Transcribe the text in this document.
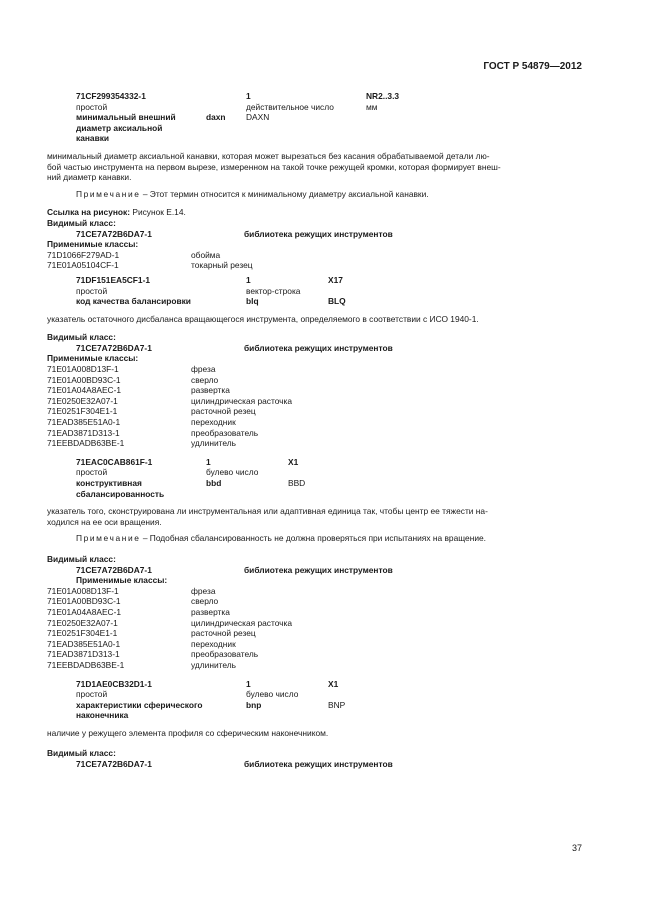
ГОСТ Р 54879—2012
71CF299354332-1	1	NR2..3.3
простой	действительное число	мм
минимальный внешний	daxn	DAXN
диаметр аксиальной
канавки
минимальный диаметр аксиальной канавки, которая может вырезаться без касания обрабатываемой детали лю-
бой частью инструмента на первом вырезе, измеренном на такой точке режущей кромки, которая формирует внеш-
ний диаметр канавки.
Примечание – Этот термин относится к минимальному диаметру аксиальной канавки.
Ссылка на рисунок: Рисунок Е.14.
Видимый класс:
71CE7A72B6DA7-1	библиотека режущих инструментов
Применимые классы:
71D1066F279AD-1	обойма
71E01A05104CF-1	токарный резец
71DF151EA5CF1-1	1	X17
простой	вектор-строка
код качества балансировки	blq	BLQ
указатель остаточного дисбаланса вращающегося инструмента, определяемого в соответствии с ИСО 1940-1.
Видимый класс:
71CE7A72B6DA7-1	библиотека режущих инструментов
Применимые классы:
71E01A008D13F-1	фреза
71E01A00BD93C-1	сверло
71E01A04A8AEC-1	развертка
71E0250E32A07-1	цилиндрическая расточка
71E0251F304E1-1	расточной резец
71EAD385E51A0-1	переходник
71EAD3871D313-1	преобразователь
71EEBDADB63BE-1	удлинитель
71EAC0CAB861F-1	1	X1
простой	булево число
конструктивная	bbd	BBD
сбалансированность
указатель того, сконструирована ли инструментальная или адаптивная единица так, чтобы центр ее тяжести на-
ходился на ее оси вращения.
Примечание – Подобная сбалансированность не должна проверяться при испытаниях на вращение.
Видимый класс:
71CE7A72B6DA7-1	библиотека режущих инструментов
Применимые классы:
71E01A008D13F-1	фреза
71E01A00BD93C-1	сверло
71E01A04A8AEC-1	развертка
71E0250E32A07-1	цилиндрическая расточка
71E0251F304E1-1	расточной резец
71EAD385E51A0-1	переходник
71EAD3871D313-1	преобразователь
71EEBDADB63BE-1	удлинитель
71D1AE0CB32D1-1	1	X1
простой	булево число
характеристики сферического	bnp	BNP
наконечника
наличие у режущего элемента профиля со сферическим наконечником.
Видимый класс:
71CE7A72B6DA7-1	библиотека режущих инструментов
37
